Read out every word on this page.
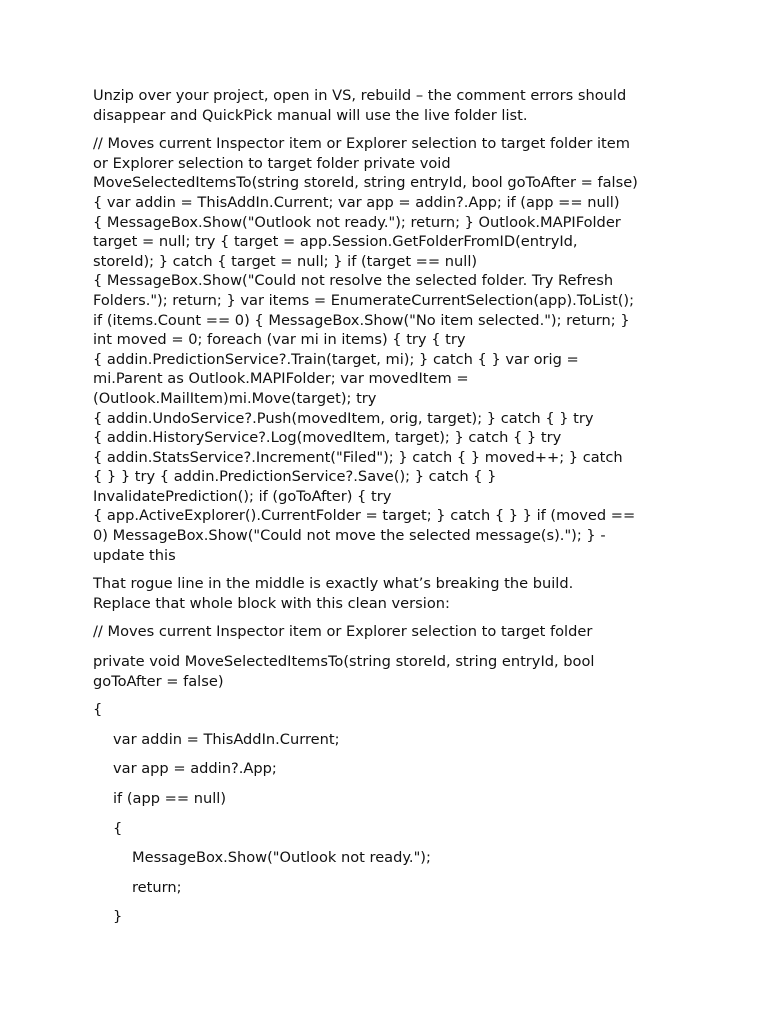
Unzip over your project, open in VS, rebuild – the comment errors should disappear and QuickPick manual will use the live folder list.

// Moves current Inspector item or Explorer selection to target folder item
or Explorer selection to target folder private void
MoveSelectedItemsTo(string storeId, string entryId, bool goToAfter = false)
{ var addin = ThisAddIn.Current; var app = addin?.App; if (app == null)
{ MessageBox.Show("Outlook not ready."); return; } Outlook.MAPIFolder
target = null; try { target = app.Session.GetFolderFromID(entryId,
storeId); } catch { target = null; } if (target == null)
{ MessageBox.Show("Could not resolve the selected folder. Try Refresh
Folders."); return; } var items = EnumerateCurrentSelection(app).ToList();
if (items.Count == 0) { MessageBox.Show("No item selected."); return; }
int moved = 0; foreach (var mi in items) { try { try
{ addin.PredictionService?.Train(target, mi); } catch { } var orig =
mi.Parent as Outlook.MAPIFolder; var movedItem =
(Outlook.MailItem)mi.Move(target); try
{ addin.UndoService?.Push(movedItem, orig, target); } catch { } try
{ addin.HistoryService?.Log(movedItem, target); } catch { } try
{ addin.StatsService?.Increment("Filed"); } catch { } moved++; } catch
{ } } try { addin.PredictionService?.Save(); } catch { }
InvalidatePrediction(); if (goToAfter) { try
{ app.ActiveExplorer().CurrentFolder = target; } catch { } } if (moved ==
0) MessageBox.Show("Could not move the selected message(s)."); } -
update this
That rogue line in the middle is exactly what’s breaking the build.
Replace that whole block with this clean version:
// Moves current Inspector item or Explorer selection to target folder
private void MoveSelectedItemsTo(string storeId, string entryId, bool
goToAfter = false)
{
var addin = ThisAddIn.Current;
var app = addin?.App;
if (app == null)
{
MessageBox.Show("Outlook not ready.");
return;
}
